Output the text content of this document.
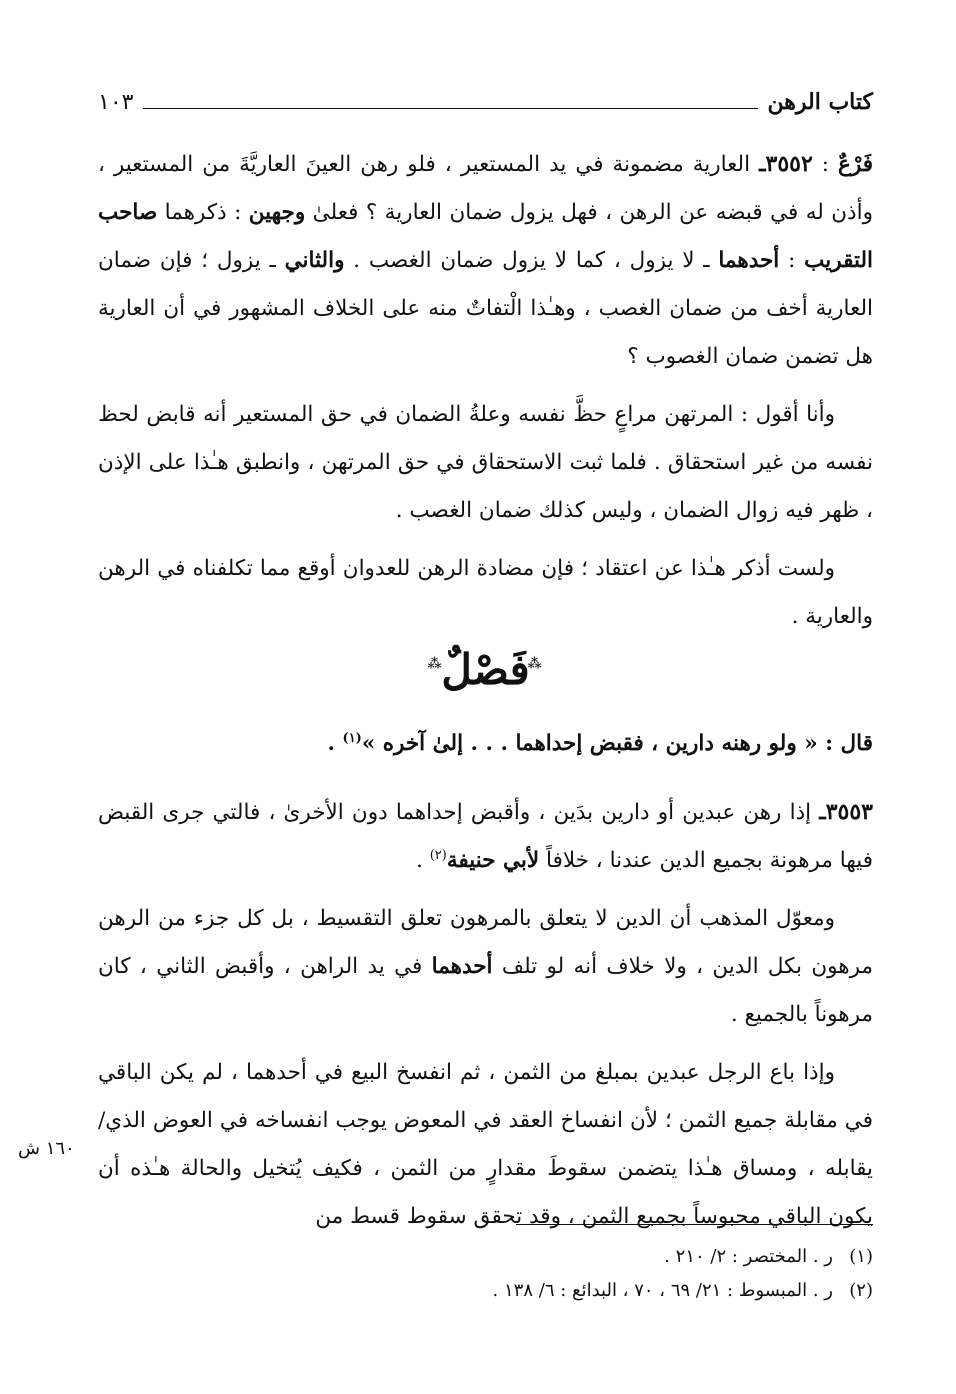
كتاب الرهن
١٠٣

فَرْعٌ : ٣٥٥٢ـ العارية مضمونة في يد المستعير ، فلو رهن العينَ العاريَّةَ من المستعير ، وأذن له في قبضه عن الرهن ، فهل يزول ضمان العارية ؟ فعلىٰ وجهين : ذكرهما صاحب التقريب : أحدهما ـ لا يزول ، كما لا يزول ضمان الغصب . والثاني ـ يزول ؛ فإن ضمان العارية أخف من ضمان الغصب ، وهـٰذا الْتفاتٌ منه على الخلاف المشهور في أن العارية هل تضمن ضمان الغصوب ؟

وأنا أقول : المرتهن مراعٍ حظَّ نفسه وعلةُ الضمان في حق المستعير أنه قابض لحظ نفسه من غير استحقاق . فلما ثبت الاستحقاق في حق المرتهن ، وانطبق هـٰذا على الإذن ، ظهر فيه زوال الضمان ، وليس كذلك ضمان الغصب .

ولست أذكر هـٰذا عن اعتقاد ؛ فإن مضادة الرهن للعدوان أوقع مما تكلفناه في الرهن والعارية .

⁂ فَصْلٌ ⁂

قال : « ولو رهنه دارين ، فقبض إحداهما . . . إلىٰ آخره »$^{(١)}$ .

٣٥٥٣ـ إذا رهن عبدين أو دارين بدَين ، وأقبض إحداهما دون الأخرىٰ ، فالتي جرى القبض فيها مرهونة بجميع الدين عندنا ، خلافاً لأبي حنيفة$^{(٢)}$ .

ومعوّل المذهب أن الدين لا يتعلق بالمرهون تعلق التقسيط ، بل كل جزء من الرهن مرهون بكل الدين ، ولا خلاف أنه لو تلف أحدهما في يد الراهن ، وأقبض الثاني ، كان مرهوناً بالجميع .

وإذا باع الرجل عبدين بمبلغ من الثمن ، ثم انفسخ البيع في أحدهما ، لم يكن الباقي في مقابلة جميع الثمن ؛ لأن انفساخ العقد في المعوض يوجب انفساخه في العوض الذي/ يقابله ، ومساق هـٰذا يتضمن سقوطَ مقدارٍ من الثمن ، فكيف يُتخيل والحالة هـٰذه أن يكون الباقي محبوساً بجميع الثمن ، وقد تحقق سقوط قسط من

١٦٠ ش
(١)ر . المختصر : ٢/ ٢١٠ .
(٢)ر . المبسوط : ٢١/ ٦٩ ، ٧٠ ، البدائع : ٦/ ١٣٨ .
